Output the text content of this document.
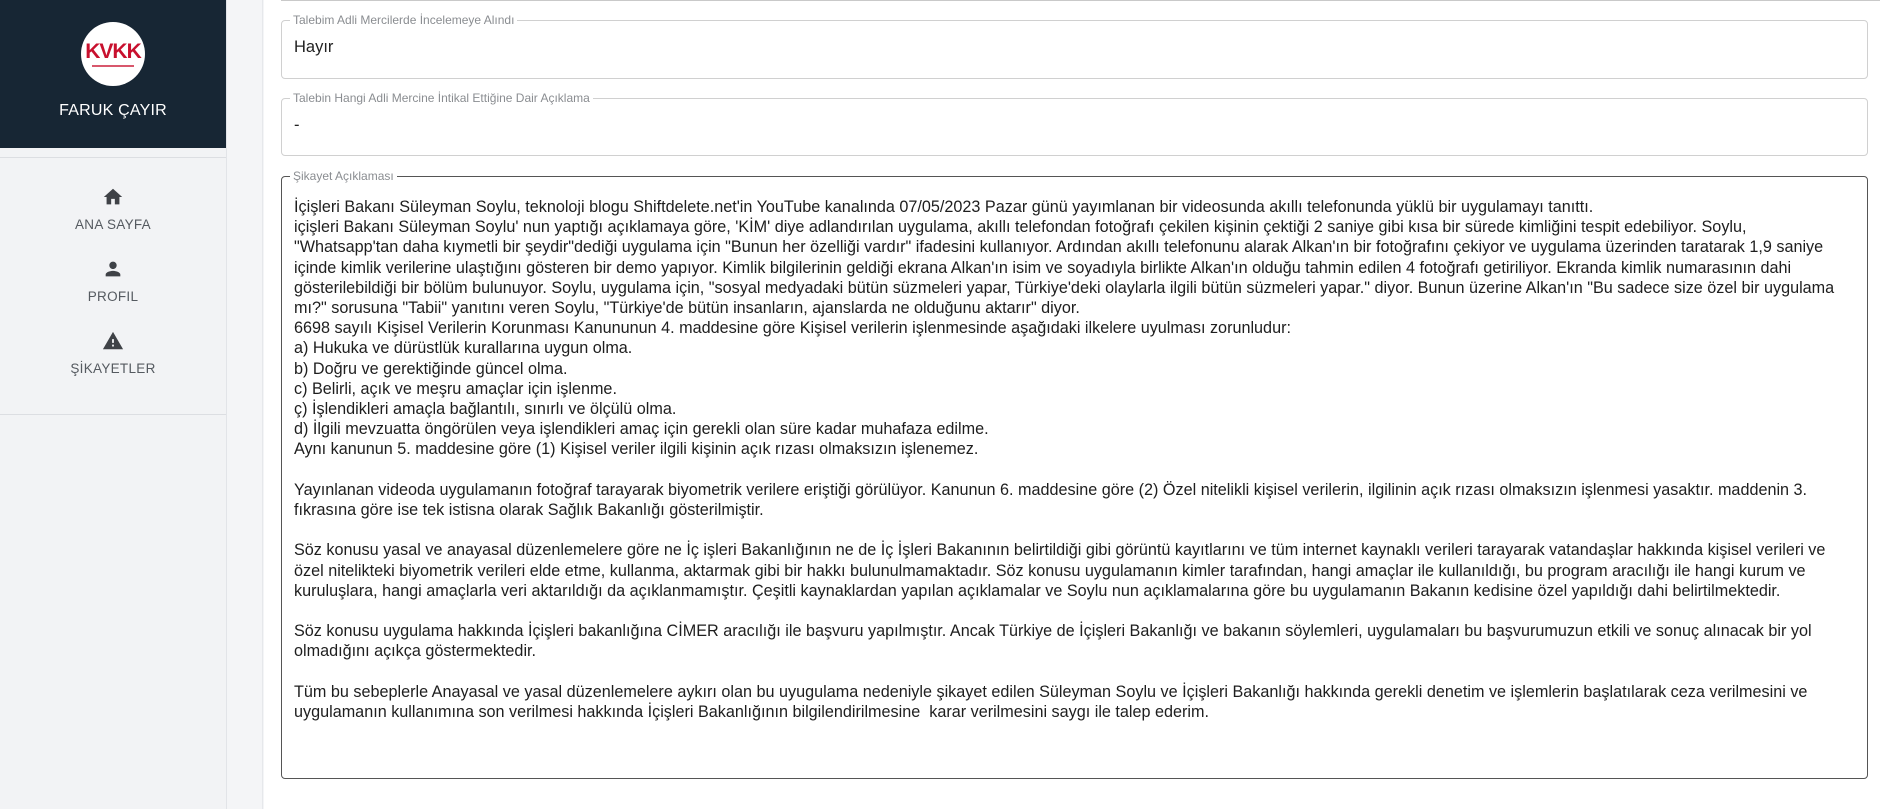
KVKK
FARUK ÇAYIR
ANA SAYFA
PROFIL
ŞİKAYETLER
Talebim Adli Mercilerde İncelemeye Alındı
Hayır
Talebin Hangi Adli Mercine İntikal Ettiğine Dair Açıklama
-
Şikayet Açıklaması
İçişleri Bakanı Süleyman Soylu, teknoloji blogu Shiftdelete.net'in YouTube kanalında 07/05/2023 Pazar günü yayımlanan bir videosunda akıllı telefonunda yüklü bir uygulamayı tanıttı.
içişleri Bakanı Süleyman Soylu' nun yaptığı açıklamaya göre, 'KİM' diye adlandırılan uygulama, akıllı telefondan fotoğrafı çekilen kişinin çektiği 2 saniye gibi kısa bir sürede kimliğini tespit edebiliyor. Soylu, "Whatsapp'tan daha kıymetli bir şeydir"dediği uygulama için "Bunun her özelliği vardır" ifadesini kullanıyor. Ardından akıllı telefonunu alarak Alkan'ın bir fotoğrafını çekiyor ve uygulama üzerinden taratarak 1,9 saniye içinde kimlik verilerine ulaştığını gösteren bir demo yapıyor. Kimlik bilgilerinin geldiği ekrana Alkan'ın isim ve soyadıyla birlikte Alkan'ın olduğu tahmin edilen 4 fotoğrafı getiriliyor. Ekranda kimlik numarasının dahi gösterilebildiği bir bölüm bulunuyor. Soylu, uygulama için, "sosyal medyadaki bütün süzmeleri yapar, Türkiye'deki olaylarla ilgili bütün süzmeleri yapar." diyor. Bunun üzerine Alkan'ın "Bu sadece size özel bir uygulama mı?" sorusuna "Tabii" yanıtını veren Soylu, "Türkiye'de bütün insanların, ajanslarda ne olduğunu aktarır" diyor.
6698 sayılı Kişisel Verilerin Korunması Kanununun 4. maddesine göre Kişisel verilerin işlenmesinde aşağıdaki ilkelere uyulması zorunludur:
a) Hukuka ve dürüstlük kurallarına uygun olma.
b) Doğru ve gerektiğinde güncel olma.
c) Belirli, açık ve meşru amaçlar için işlenme.
ç) İşlendikleri amaçla bağlantılı, sınırlı ve ölçülü olma.
d) İlgili mevzuatta öngörülen veya işlendikleri amaç için gerekli olan süre kadar muhafaza edilme.
Aynı kanunun 5. maddesine göre (1) Kişisel veriler ilgili kişinin açık rızası olmaksızın işlenemez.

Yayınlanan videoda uygulamanın fotoğraf tarayarak biyometrik verilere eriştiği görülüyor. Kanunun 6. maddesine göre (2) Özel nitelikli kişisel verilerin, ilgilinin açık rızası olmaksızın işlenmesi yasaktır. maddenin 3. fıkrasına göre ise tek istisna olarak Sağlık Bakanlığı gösterilmiştir.

Söz konusu yasal ve anayasal düzenlemelere göre ne İç işleri Bakanlığının ne de İç İşleri Bakanının belirtildiği gibi görüntü kayıtlarını ve tüm internet kaynaklı verileri tarayarak vatandaşlar hakkında kişisel verileri ve özel nitelikteki biyometrik verileri elde etme, kullanma, aktarmak gibi bir hakkı bulunulmamaktadır. Söz konusu uygulamanın kimler tarafından, hangi amaçlar ile kullanıldığı, bu program aracılığı ile hangi kurum ve kuruluşlara, hangi amaçlarla veri aktarıldığı da açıklanmamıştır. Çeşitli kaynaklardan yapılan açıklamalar ve Soylu nun açıklamalarına göre bu uygulamanın Bakanın kedisine özel yapıldığı dahi belirtilmektedir.

Söz konusu uygulama hakkında İçişleri bakanlığına CİMER aracılığı ile başvuru yapılmıştır. Ancak Türkiye de İçişleri Bakanlığı ve bakanın söylemleri, uygulamaları bu başvurumuzun etkili ve sonuç alınacak bir yol olmadığını açıkça göstermektedir.

Tüm bu sebeplerle Anayasal ve yasal düzenlemelere aykırı olan bu uyugulama nedeniyle şikayet edilen Süleyman Soylu ve İçişleri Bakanlığı hakkında gerekli denetim ve işlemlerin başlatılarak ceza verilmesini ve uygulamanın kullanımına son verilmesi hakkında İçişleri Bakanlığının bilgilendirilmesine  karar verilmesini saygı ile talep ederim.
